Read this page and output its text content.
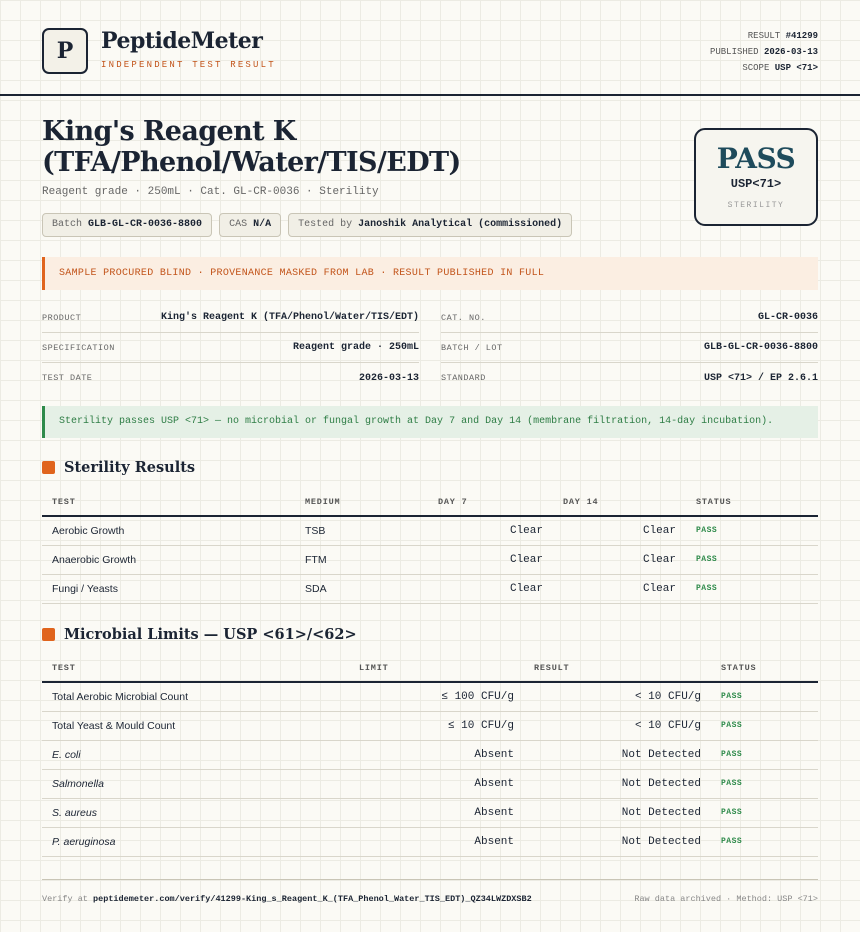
P	PeptideMeter
INDEPENDENT TEST RESULT
RESULT #41299
PUBLISHED 2026-03-13
SCOPE USP <71>
King's Reagent K
(TFA/Phenol/Water/TIS/EDT)
Reagent grade · 250mL · Cat. GL-CR-0036 · Sterility
Batch GLB-GL-CR-0036-8800	CAS N/A	Tested by Janoshik Analytical (commissioned)
PASS
USP<71>
STERILITY
SAMPLE PROCURED BLIND · PROVENANCE MASKED FROM LAB · RESULT PUBLISHED IN FULL
PRODUCT	King's Reagent K (TFA/Phenol/Water/TIS/EDT)
SPECIFICATION	Reagent grade · 250mL
TEST DATE	2026-03-13
CAT. NO.	GL-CR-0036
BATCH / LOT	GLB-GL-CR-0036-8800
STANDARD	USP <71> / EP 2.6.1
Sterility passes USP <71> — no microbial or fungal growth at Day 7 and Day 14 (membrane filtration, 14-day incubation).
Sterility Results
TEST	MEDIUM	DAY 7	DAY 14	STATUS
Aerobic Growth	TSB	Clear	Clear	PASS
Anaerobic Growth	FTM	Clear	Clear	PASS
Fungi / Yeasts	SDA	Clear	Clear	PASS
Microbial Limits — USP <61>/<62>
TEST	LIMIT	RESULT	STATUS
Total Aerobic Microbial Count	≤ 100 CFU/g	< 10 CFU/g	PASS
Total Yeast & Mould Count	≤ 10 CFU/g	< 10 CFU/g	PASS
E. coli	Absent	Not Detected	PASS
Salmonella	Absent	Not Detected	PASS
S. aureus	Absent	Not Detected	PASS
P. aeruginosa	Absent	Not Detected	PASS
Verify at peptidemeter.com/verify/41299-King_s_Reagent_K_(TFA_Phenol_Water_TIS_EDT)_QZ34LWZDXSB2	Raw data archived · Method: USP <71>
